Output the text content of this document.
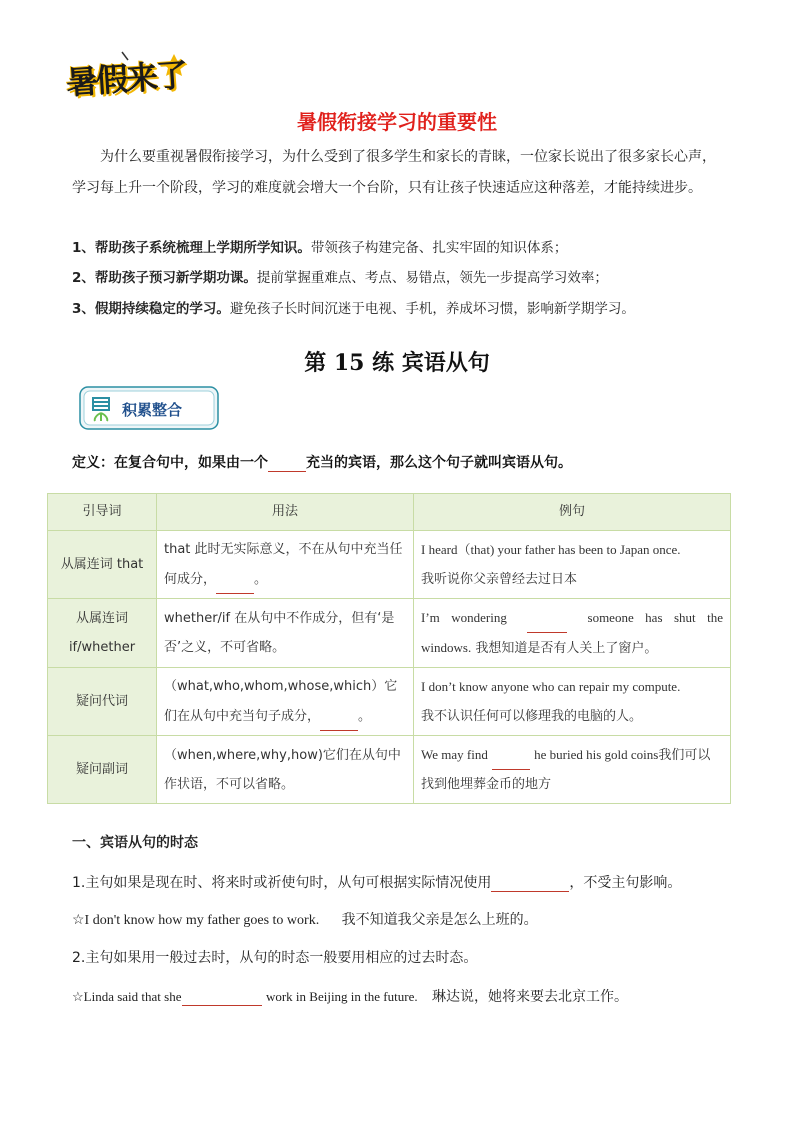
暑假来了
暑假衔接学习的重要性
为什么要重视暑假衔接学习，为什么受到了很多学生和家长的青睐，一位家长说出了很多家长心声，学习每上升一个阶段，学习的难度就会增大一个台阶，只有让孩子快速适应这种落差，才能持续进步。
1、帮助孩子系统梳理上学期所学知识。带领孩子构建完备、扎实牢固的知识体系；
2、帮助孩子预习新学期功课。提前掌握重难点、考点、易错点，领先一步提高学习效率；
3、假期持续稳定的学习。避免孩子长时间沉迷于电视、手机，养成坏习惯，影响新学期学习。
第 15 练 宾语从句
积累整合
定义：在复合句中，如果由一个	充当的宾语，那么这个句子就叫宾语从句。
引导词	用法	例句
从属连词 that	that 此时无实际意义，不在从句中充当任何成分， 。	I heard（that) your father has been to Japan once.
我听说你父亲曾经去过日本
从属连词 if/whether	whether/if 在从句中不作成分，但有‘是否’之义，不可省略。	I’m wondering someone has shut the windows. 我想知道是否有人关上了窗户。
疑问代词	（what,who,whom,whose,which）它们在从句中充当句子成分， 。	I don’t know anyone who can repair my compute.
我不认识任何可以修理我的电脑的人。
疑问副词	（when,where,why,how)它们在从句中作状语，不可以省略。	We may find he buried his gold coins我们可以找到他埋葬金币的地方
一、宾语从句的时态
1.主句如果是现在时、将来时或祈使句时，从句可根据实际情况使用	，不受主句影响。
☆I don't know how my father goes to work. 我不知道我父亲是怎么上班的。
2.主句如果用一般过去时，从句的时态一般要用相应的过去时态。
☆Linda said that she	work in Beijing in the future. 琳达说，她将来要去北京工作。
